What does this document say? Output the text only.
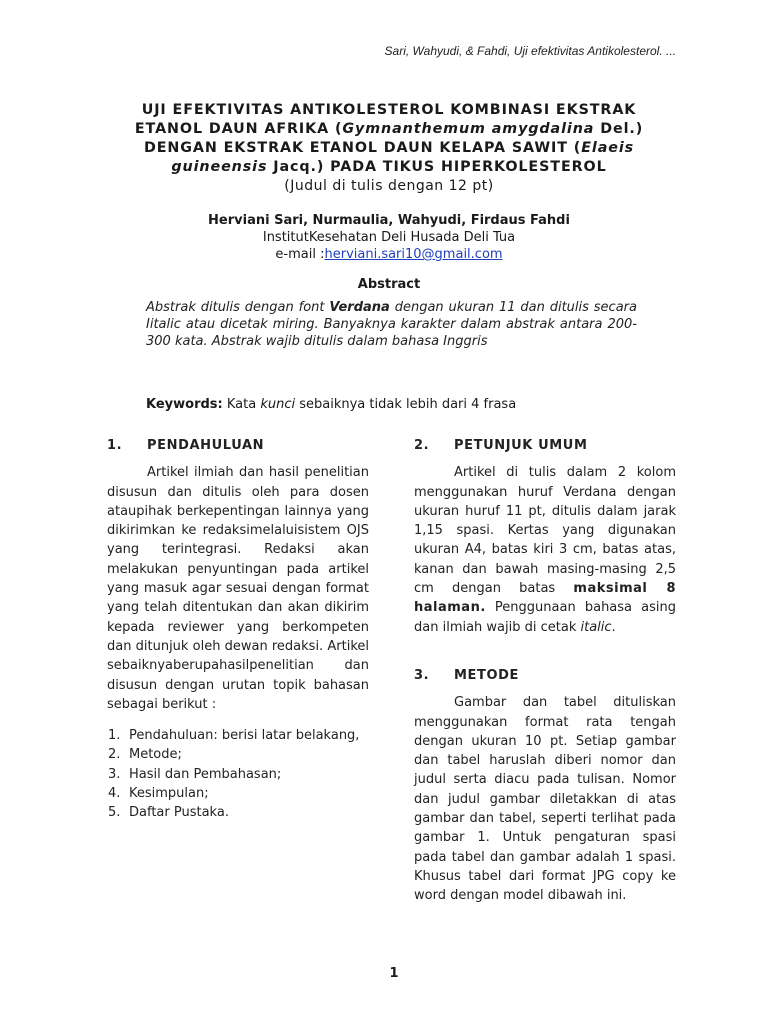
Sari, Wahyudi, & Fahdi, Uji efektivitas Antikolesterol. ...
UJI EFEKTIVITAS ANTIKOLESTEROL KOMBINASI EKSTRAK
ETANOL DAUN AFRIKA (Gymnanthemum amygdalina Del.)
DENGAN EKSTRAK ETANOL DAUN KELAPA SAWIT (Elaeis
guineensis Jacq.) PADA TIKUS HIPERKOLESTEROL
(Judul di tulis dengan 12 pt)
Herviani Sari, Nurmaulia, Wahyudi, Firdaus Fahdi
InstitutKesehatan Deli Husada Deli Tua
e-mail :herviani.sari10@gmail.com
Abstract
Abstrak ditulis dengan font Verdana dengan ukuran 11 dan ditulis secara Iitalic atau dicetak miring. Banyaknya karakter dalam abstrak antara 200-300 kata. Abstrak wajib ditulis dalam bahasa Inggris
Keywords: Kata kunci sebaiknya tidak lebih dari 4 frasa
1.	PENDAHULUAN
Artikel ilmiah dan hasil penelitian disusun dan ditulis oleh para dosen ataupihak berkepentingan lainnya yang dikirimkan ke redaksimelaluisistem OJS yang terintegrasi. Redaksi akan melakukan penyuntingan pada artikel yang masuk agar sesuai dengan format yang telah ditentukan dan akan dikirim kepada reviewer yang berkompeten dan ditunjuk oleh dewan redaksi. Artikel sebaiknyaberupahasilpenelitian dan disusun dengan urutan topik bahasan sebagai berikut :
1. Pendahuluan: berisi latar belakang,
2. Metode;
3. Hasil dan Pembahasan;
4. Kesimpulan;
5. Daftar Pustaka.
2.	PETUNJUK UMUM
Artikel di tulis dalam 2 kolom menggunakan huruf Verdana dengan ukuran huruf 11 pt, ditulis dalam jarak 1,15 spasi. Kertas yang digunakan ukuran A4, batas kiri 3 cm, batas atas, kanan dan bawah masing-masing 2,5 cm dengan batas maksimal 8 halaman. Penggunaan bahasa asing dan ilmiah wajib di cetak italic.
3.	METODE
Gambar dan tabel dituliskan menggunakan format rata tengah dengan ukuran 10 pt. Setiap gambar dan tabel haruslah diberi nomor dan judul serta diacu pada tulisan. Nomor dan judul gambar diletakkan di atas gambar dan tabel, seperti terlihat pada gambar 1. Untuk pengaturan spasi pada tabel dan gambar adalah 1 spasi. Khusus tabel dari format JPG copy ke word dengan model dibawah ini.
1
